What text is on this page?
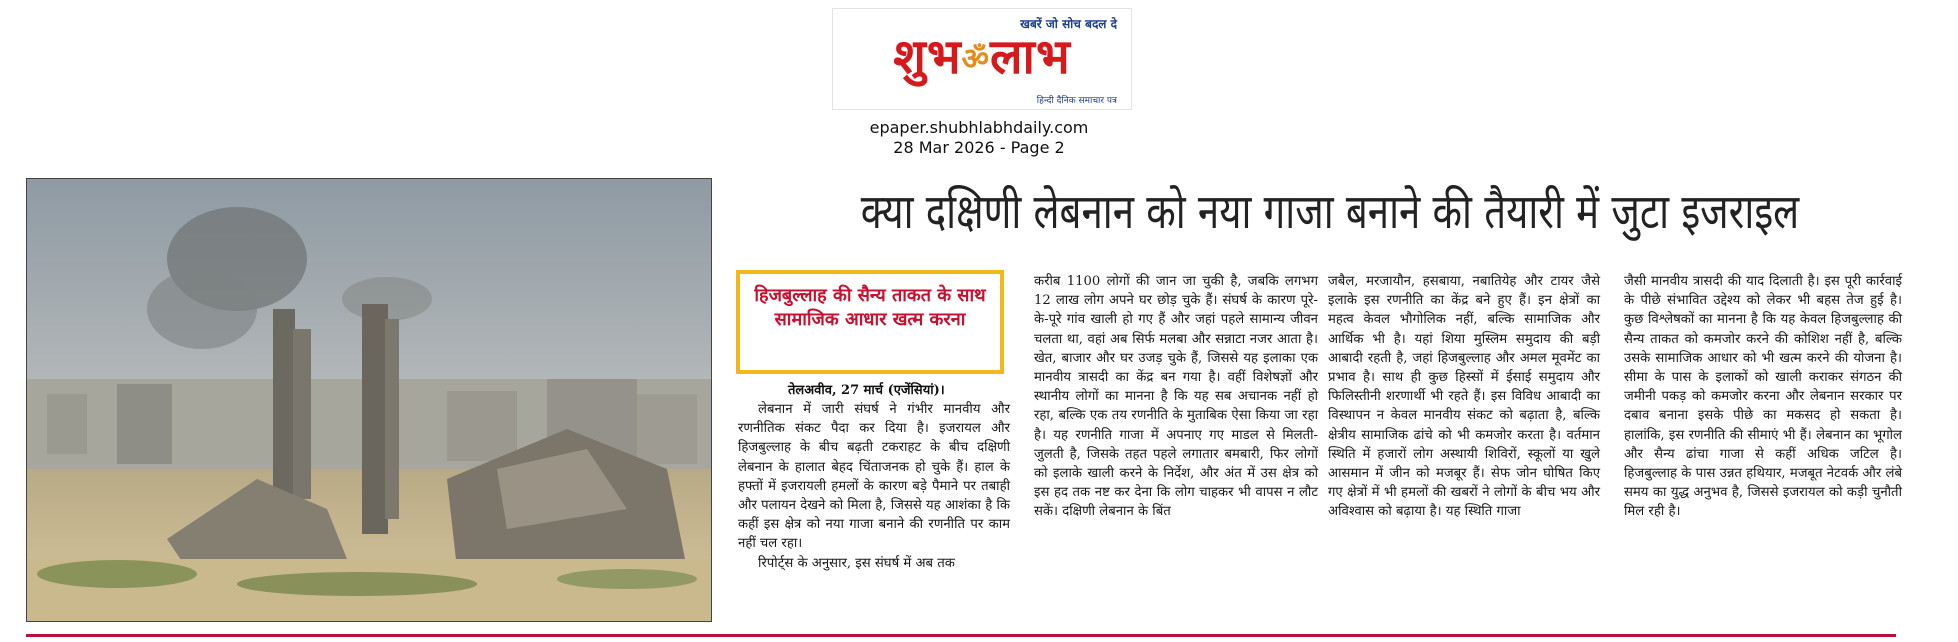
खबरें जो सोच बदल दे
शुभॐलाभ
हिन्दी दैनिक समाचार पत्र
epaper.shubhlabhdaily.com
28 Mar 2026 - Page 2
क्या दक्षिणी लेबनान को नया गाजा बनाने की तैयारी में जुटा इजराइल
हिजबुल्लाह की सैन्य ताकत के साथ सामाजिक आधार खत्म करना
तेलअवीव, 27 मार्च (एजेंसियां)।

लेबनान में जारी संघर्ष ने गंभीर मानवीय और रणनीतिक संकट पैदा कर दिया है। इजरायल और हिजबुल्लाह के बीच बढ़ती टकराहट के बीच दक्षिणी लेबनान के हालात बेहद चिंताजनक हो चुके हैं। हाल के हफ्तों में इजरायली हमलों के कारण बड़े पैमाने पर तबाही और पलायन देखने को मिला है, जिससे यह आशंका है कि कहीं इस क्षेत्र को नया गाजा बनाने की रणनीति पर काम नहीं चल रहा।

रिपोर्ट्स के अनुसार, इस संघर्ष में अब तक

करीब 1100 लोगों की जान जा चुकी है, जबकि लगभग 12 लाख लोग अपने घर छोड़ चुके हैं। संघर्ष के कारण पूरे-के-पूरे गांव खाली हो गए हैं और जहां पहले सामान्य जीवन चलता था, वहां अब सिर्फ मलबा और सन्नाटा नजर आता है। खेत, बाजार और घर उजड़ चुके हैं, जिससे यह इलाका एक मानवीय त्रासदी का केंद्र बन गया है। वहीं विशेषज्ञों और स्थानीय लोगों का मानना है कि यह सब अचानक नहीं हो रहा, बल्कि एक तय रणनीति के मुताबिक ऐसा किया जा रहा है। यह रणनीति गाजा में अपनाए गए माडल से मिलती-जुलती है, जिसके तहत पहले लगातार बमबारी, फिर लोगों को इलाके खाली करने के निर्देश, और अंत में उस क्षेत्र को इस हद तक नष्ट कर देना कि लोग चाहकर भी वापस न लौट सकें। दक्षिणी लेबनान के बिंत

जबैल, मरजायौन, हसबाया, नबातियेह और टायर जैसे इलाके इस रणनीति का केंद्र बने हुए हैं। इन क्षेत्रों का महत्व केवल भौगोलिक नहीं, बल्कि सामाजिक और आर्थिक भी है। यहां शिया मुस्लिम समुदाय की बड़ी आबादी रहती है, जहां हिजबुल्लाह और अमल मूवमेंट का प्रभाव है। साथ ही कुछ हिस्सों में ईसाई समुदाय और फिलिस्तीनी शरणार्थी भी रहते हैं। इस विविध आबादी का विस्थापन न केवल मानवीय संकट को बढ़ाता है, बल्कि क्षेत्रीय सामाजिक ढांचे को भी कमजोर करता है। वर्तमान स्थिति में हजारों लोग अस्थायी शिविरों, स्कूलों या खुले आसमान में जीन को मजबूर हैं। सेफ जोन घोषित किए गए क्षेत्रों में भी हमलों की खबरों ने लोगों के बीच भय और अविश्वास को बढ़ाया है। यह स्थिति गाजा

जैसी मानवीय त्रासदी की याद दिलाती है। इस पूरी कार्रवाई के पीछे संभावित उद्देश्य को लेकर भी बहस तेज हुई है। कुछ विश्लेषकों का मानना है कि यह केवल हिजबुल्लाह की सैन्य ताकत को कमजोर करने की कोशिश नहीं है, बल्कि उसके सामाजिक आधार को भी खत्म करने की योजना है। सीमा के पास के इलाकों को खाली कराकर संगठन की जमीनी पकड़ को कमजोर करना और लेबनान सरकार पर दबाव बनाना इसके पीछे का मकसद हो सकता है। हालांकि, इस रणनीति की सीमाएं भी हैं। लेबनान का भूगोल और सैन्य ढांचा गाजा से कहीं अधिक जटिल है। हिजबुल्लाह के पास उन्नत हथियार, मजबूत नेटवर्क और लंबे समय का युद्ध अनुभव है, जिससे इजरायल को कड़ी चुनौती मिल रही है।
